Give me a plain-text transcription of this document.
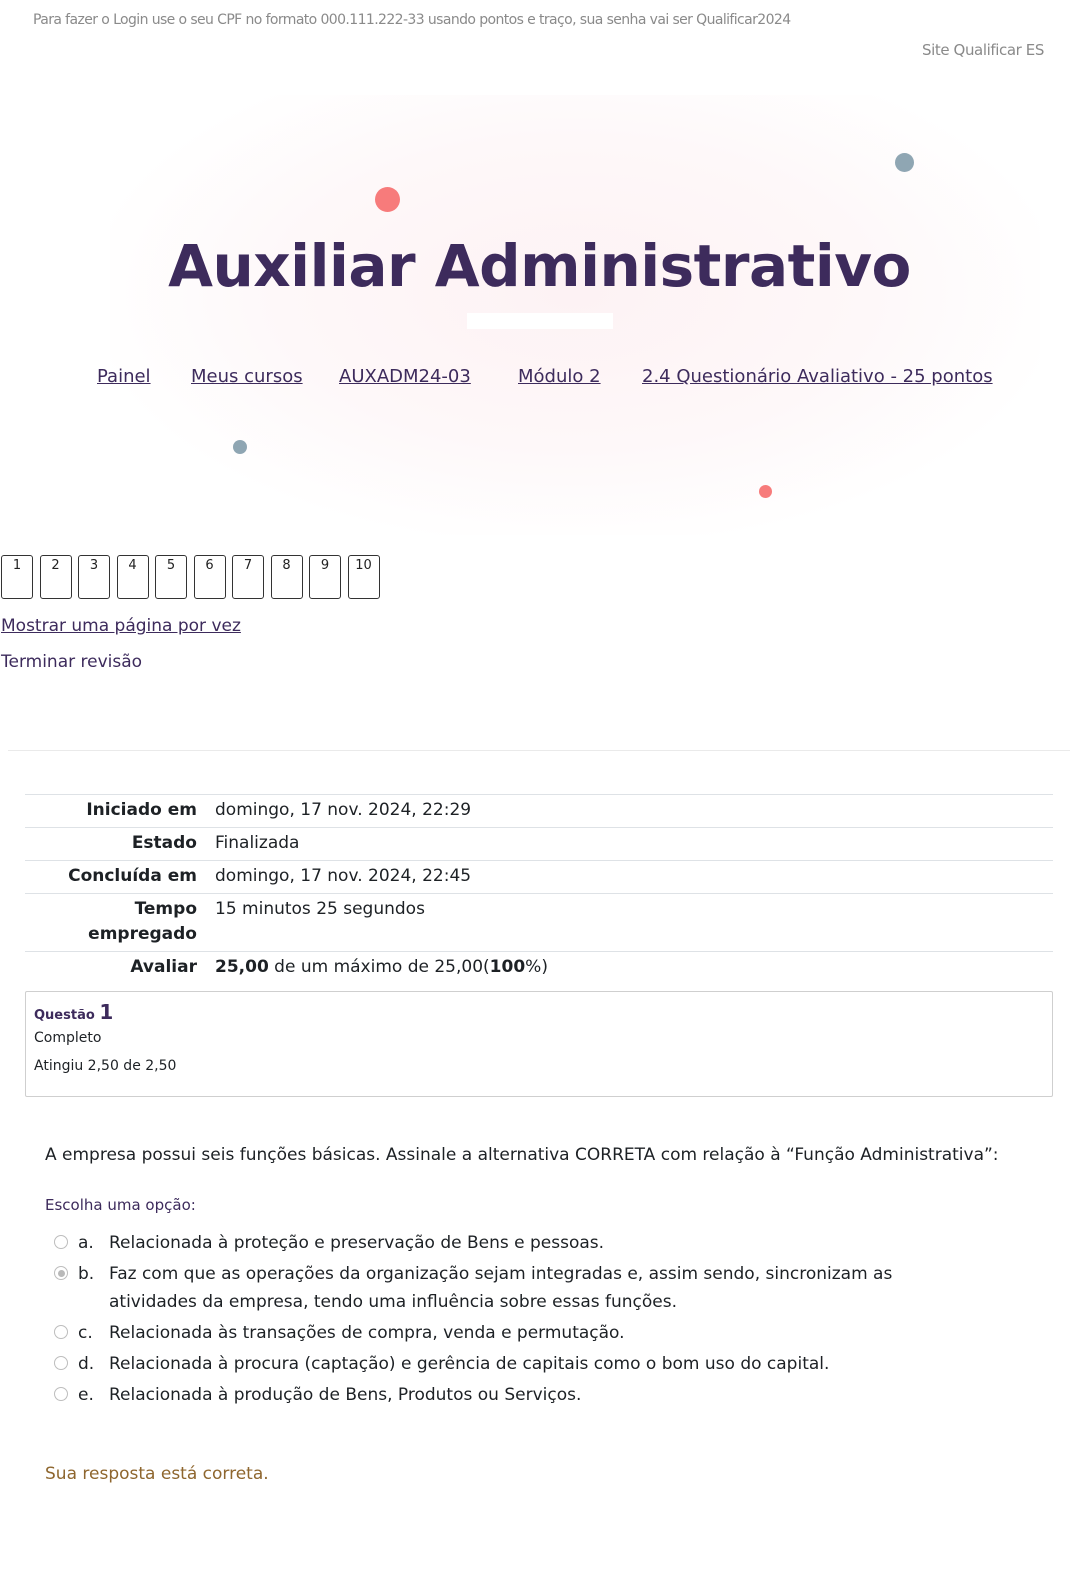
Para fazer o Login use o seu CPF no formato 000.111.222-33 usando pontos e traço, sua senha vai ser Qualificar2024
Site Qualificar ES
Auxiliar Administrativo
Painel Meus cursos AUXADM24-03	Módulo 2 2.4 Questionário Avaliativo - 25 pontos
1	2	3	4	5	6	7	8	9	10
Mostrar uma página por vez
Terminar revisão
Iniciado em	domingo, 17 nov. 2024, 22:29
Estado	Finalizada
Concluída em	domingo, 17 nov. 2024, 22:45
Tempo
empregado	15 minutos 25 segundos
Avaliar	25,00 de um máximo de 25,00(100%)
Questão 1
Completo
Atingiu 2,50 de 2,50
A empresa possui seis funções básicas. Assinale a alternativa CORRETA com relação à “Função Administrativa”:
Escolha uma opção:
a. Relacionada à proteção e preservação de Bens e pessoas.
b. Faz com que as operações da organização sejam integradas e, assim sendo, sincronizam as atividades da empresa, tendo uma influência sobre essas funções.
c. Relacionada às transações de compra, venda e permutação.
d. Relacionada à procura (captação) e gerência de capitais como o bom uso do capital.
e. Relacionada à produção de Bens, Produtos ou Serviços.
Sua resposta está correta.
